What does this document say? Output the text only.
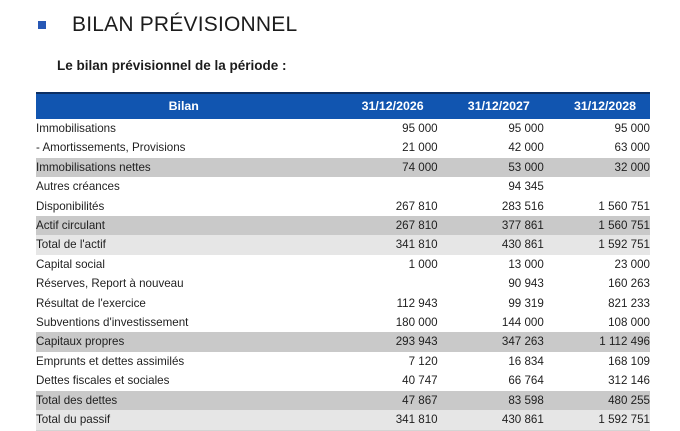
BILAN PRÉVISIONNEL
Le bilan prévisionnel de la période :
Bilan	31/12/2026	31/12/2027	31/12/2028
Immobilisations	95 000	95 000	95 000
- Amortissements, Provisions	21 000	42 000	63 000
Immobilisations nettes	74 000	53 000	32 000
Autres créances		94 345	
Disponibilités	267 810	283 516	1 560 751
Actif circulant	267 810	377 861	1 560 751
Total de l'actif	341 810	430 861	1 592 751
Capital social	1 000	13 000	23 000
Réserves, Report à nouveau		90 943	160 263
Résultat de l'exercice	112 943	99 319	821 233
Subventions d'investissement	180 000	144 000	108 000
Capitaux propres	293 943	347 263	1 112 496
Emprunts et dettes assimilés	7 120	16 834	168 109
Dettes fiscales et sociales	40 747	66 764	312 146
Total des dettes	47 867	83 598	480 255
Total du passif	341 810	430 861	1 592 751
